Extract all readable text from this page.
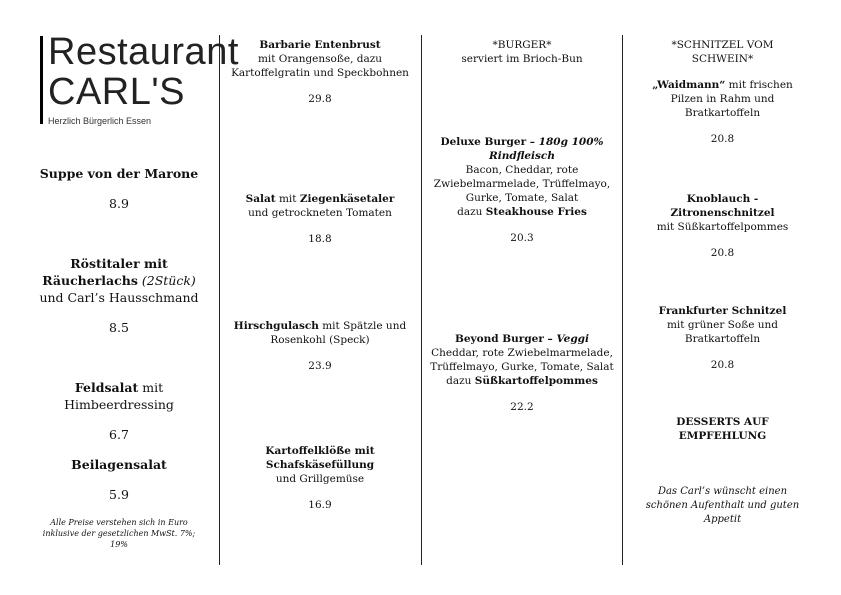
Restaurant
CARL'S
Herzlich Bürgerlich Essen
Suppe von der Marone
8.9
Röstitaler mit Räucherlachs (2Stück)
und Carl’s Hausschmand
8.5
Feldsalat mit
Himbeerdressing
6.7
Beilagensalat
5.9
Alle Preise verstehen sich in Euro inklusive der gesetzlichen MwSt. 7%; 19%
Barbarie Entenbrust
mit Orangensoße, dazu Kartoffelgratin und Speckbohnen
29.8
Salat mit Ziegenkäsetaler
und getrockneten Tomaten
18.8
Hirschgulasch mit Spätzle und Rosenkohl (Speck)
23.9
Kartoffelklöße mit Schafskäsefüllung
und Grillgemüse
16.9
*BURGER*
serviert im Brioch-Bun
Deluxe Burger – 180g 100% Rindfleisch
Bacon, Cheddar, rote Zwiebelmarmelade, Trüffelmayo, Gurke, Tomate, Salat
dazu Steakhouse Fries
20.3
Beyond Burger – Veggi
Cheddar, rote Zwiebelmarmelade, Trüffelmayo, Gurke, Tomate, Salat
dazu Süßkartoffelpommes
22.2
*SCHNITZEL VOM SCHWEIN*
„Waidmann“ mit frischen Pilzen in Rahm und Bratkartoffeln
20.8
Knoblauch - Zitronenschnitzel
mit Süßkartoffelpommes
20.8
Frankfurter Schnitzel
mit grüner Soße und Bratkartoffeln
20.8
DESSERTS AUF EMPFEHLUNG
Das Carl’s wünscht einen schönen Aufenthalt und guten Appetit
